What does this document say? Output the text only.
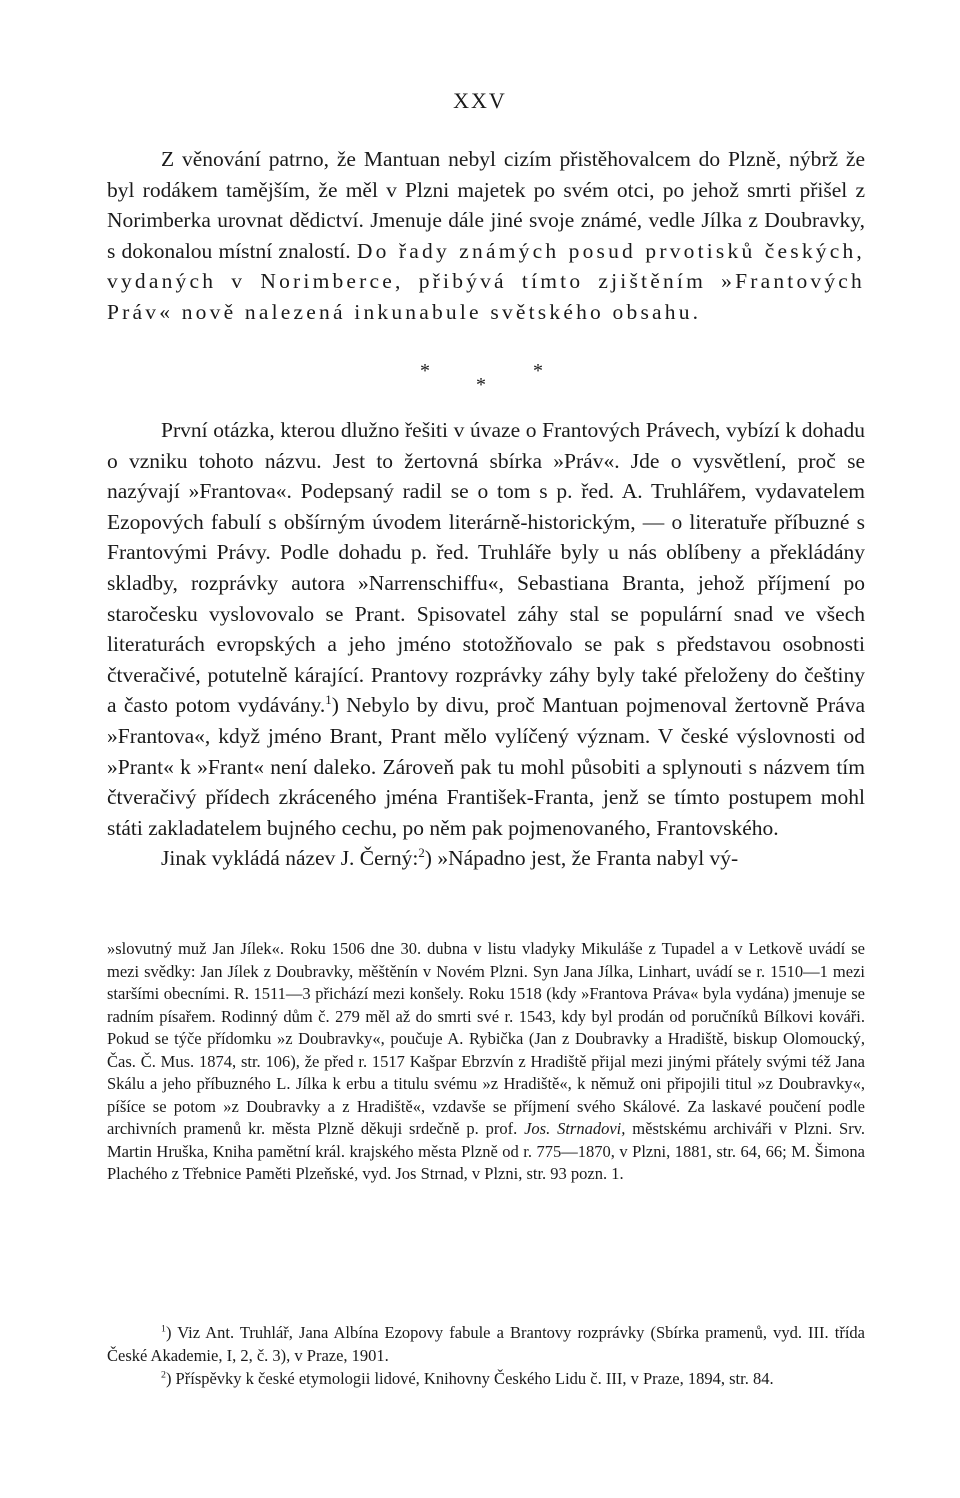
XXV

Z věnování patrno, že Mantuan nebyl cizím přistěhovalcem do Plzně, nýbrž že byl rodákem tamějším, že měl v Plzni majetek po svém otci, po jehož smrti přišel z Norimberka urovnat dědictví. Jmenuje dále jiné svoje známé, vedle Jílka z Doubravky, s dokonalou místní znalostí. Do řady známých posud prvotisků českých, vydaných v Norimberce, přibývá tímto zjištěním »Frantových Práv« nově nalezená inkunabule světského obsahu.

*
*
*

První otázka, kterou dlužno řešiti v úvaze o Frantových Právech, vybízí k dohadu o vzniku tohoto názvu. Jest to žertovná sbírka »Práv«. Jde o vysvětlení, proč se nazývají »Frantova«. Podepsaný radil se o tom s p. řed. A. Truhlářem, vydavatelem Ezopových fabulí s obšírným úvodem literárně-historickým, — o literatuře příbuzné s Frantovými Právy. Podle dohadu p. řed. Truhláře byly u nás oblíbeny a překládány skladby, rozprávky autora »Narrenschiffu«, Sebastiana Branta, jehož příjmení po staročesku vyslovovalo se Prant. Spisovatel záhy stal se populární snad ve všech literaturách evropských a jeho jméno stotožňovalo se pak s představou osobnosti čtveračivé, potutelně kárající. Prantovy rozprávky záhy byly také přeloženy do češtiny a často potom vydávány.$^1$) Nebylo by divu, proč Mantuan pojmenoval žertovně Práva »Frantova«, když jméno Brant, Prant mělo vylíčený význam. V české výslovnosti od »Prant« k »Frant« není daleko. Zároveň pak tu mohl působiti a splynouti s názvem tím čtveračivý přídech zkráceného jména František-Franta, jenž se tímto postupem mohl státi zakladatelem bujného cechu, po něm pak pojmenovaného, Frantovského.

Jinak vykládá název J. Černý:$^2$) »Nápadno jest, že Franta nabyl vý-

»slovutný muž Jan Jílek«. Roku 1506 dne 30. dubna v listu vladyky Mikuláše z Tupadel a v Letkově uvádí se mezi svědky: Jan Jílek z Doubravky, měštěnín v Novém Plzni. Syn Jana Jílka, Linhart, uvádí se r. 1510—1 mezi staršími obecními. R. 1511—3 přichází mezi konšely. Roku 1518 (kdy »Frantova Práva« byla vydána) jmenuje se radním písařem. Rodinný dům č. 279 měl až do smrti své r. 1543, kdy byl prodán od poručníků Bílkovi kováři. Pokud se týče přídomku »z Doubravky«, poučuje A. Rybička (Jan z Doubravky a Hradiště, biskup Olomoucký, Čas. Č. Mus. 1874, str. 106), že před r. 1517 Kašpar Ebrzvín z Hradiště přijal mezi jinými přátely svými též Jana Skálu a jeho příbuzného L. Jílka k erbu a titulu svému »z Hradiště«, k němuž oni připojili titul »z Doubravky«, píšíce se potom »z Doubravky a z Hradiště«, vzdavše se příjmení svého Skálové. Za laskavé poučení podle archivních pramenů kr. města Plzně děkuji srdečně p. prof. Jos. Strnadovi, městskému archiváři v Plzni. Srv. Martin Hruška, Kniha pamětní král. krajského města Plzně od r. 775—1870, v Plzni, 1881, str. 64, 66; M. Šimona Plachého z Třebnice Paměti Plzeňské, vyd. Jos Strnad, v Plzni, str. 93 pozn. 1.

$^1$) Viz Ant. Truhlář, Jana Albína Ezopovy fabule a Brantovy rozprávky (Sbírka pramenů, vyd. III. třída České Akademie, I, 2, č. 3), v Praze, 1901.

$^2$) Příspěvky k české etymologii lidové, Knihovny Českého Lidu č. III, v Praze, 1894, str. 84.
